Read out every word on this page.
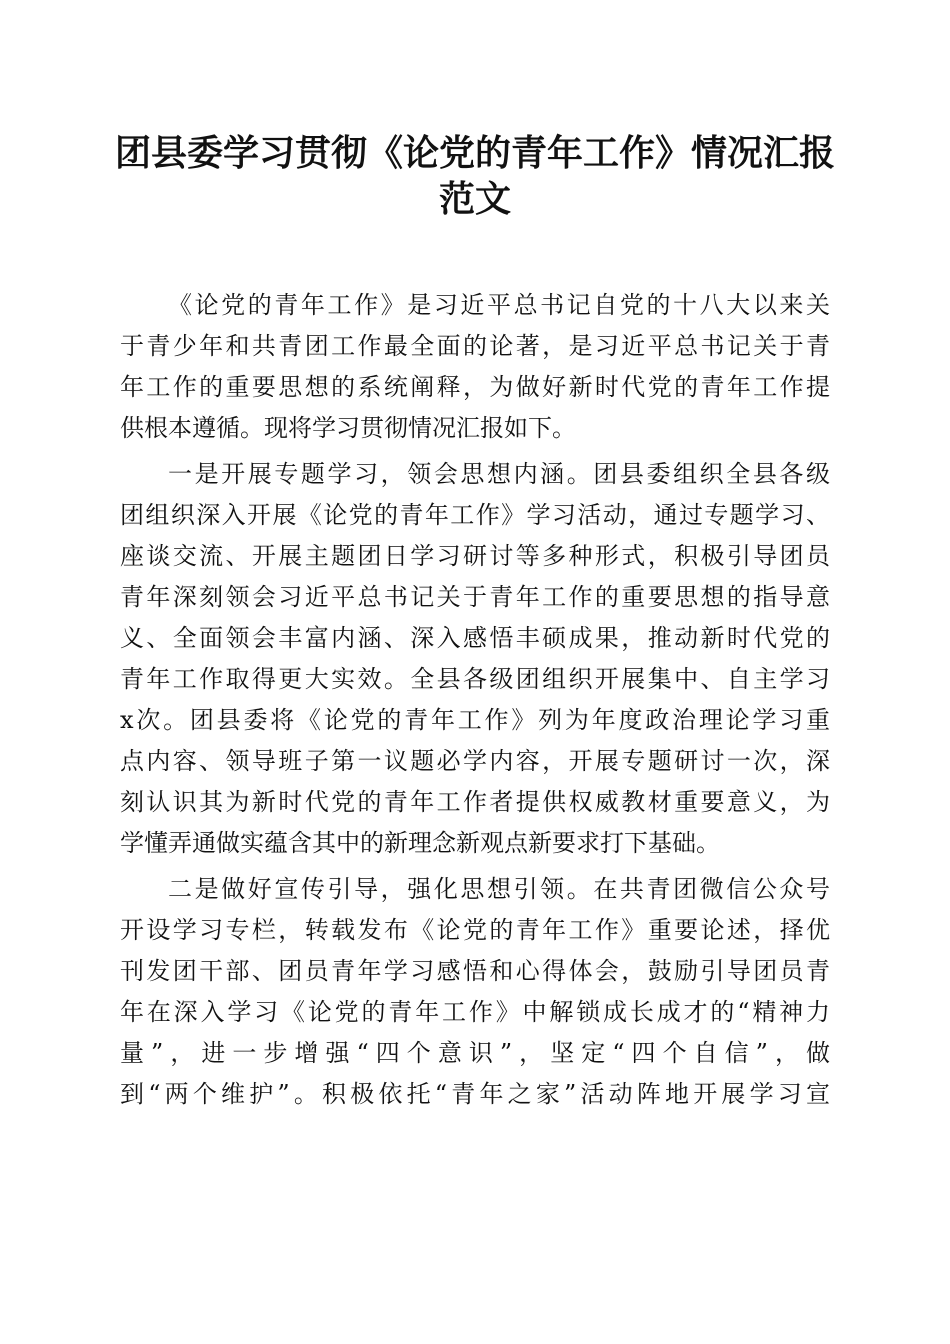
团县委学习贯彻《论党的青年工作》情况汇报
范文
《论党的青年工作》是习近平总书记自党的十八大以来关
于青少年和共青团工作最全面的论著，是习近平总书记关于青
年工作的重要思想的系统阐释，为做好新时代党的青年工作提
供根本遵循。现将学习贯彻情况汇报如下。
一是开展专题学习，领会思想内涵。团县委组织全县各级
团组织深入开展《论党的青年工作》学习活动，通过专题学习、
座谈交流、开展主题团日学习研讨等多种形式，积极引导团员
青年深刻领会习近平总书记关于青年工作的重要思想的指导意
义、全面领会丰富内涵、深入感悟丰硕成果，推动新时代党的
青年工作取得更大实效。全县各级团组织开展集中、自主学习
x次。团县委将《论党的青年工作》列为年度政治理论学习重
点内容、领导班子第一议题必学内容，开展专题研讨一次，深
刻认识其为新时代党的青年工作者提供权威教材重要意义，为
学懂弄通做实蕴含其中的新理念新观点新要求打下基础。
二是做好宣传引导，强化思想引领。在共青团微信公众号
开设学习专栏，转载发布《论党的青年工作》重要论述，择优
刊发团干部、团员青年学习感悟和心得体会，鼓励引导团员青
年在深入学习《论党的青年工作》中解锁成长成才的“精神力
量”，进一步增强“四个意识”，坚定“四个自信”，做
到“两个维护”。积极依托“青年之家”活动阵地开展学习宣
